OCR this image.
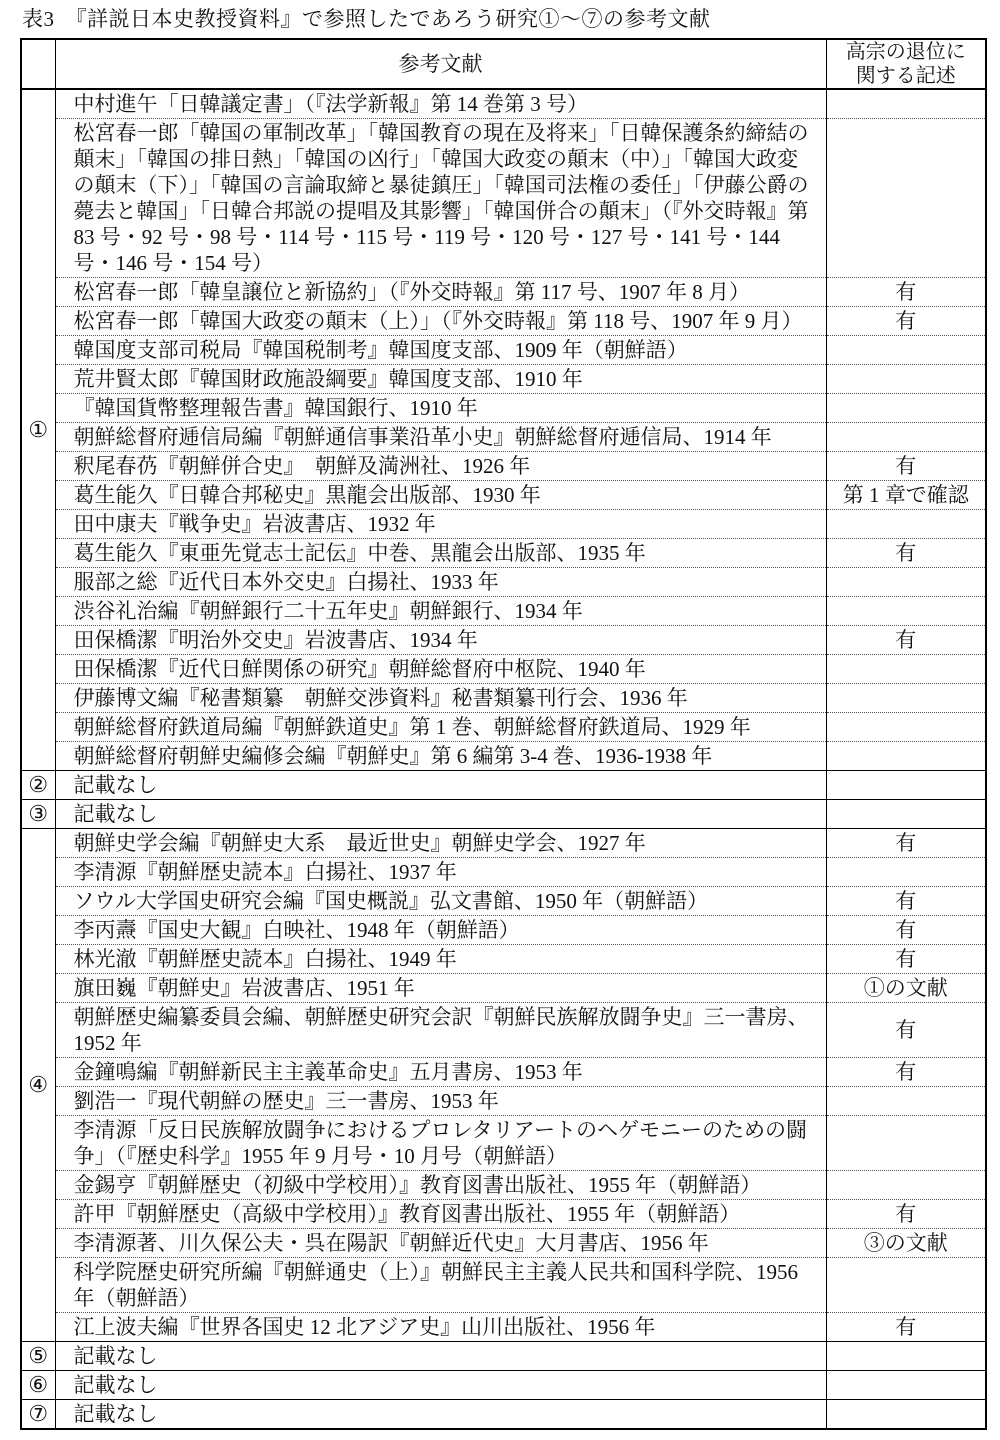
表3　『詳説日本史教授資料』で参照したであろう研究①～⑦の参考文献
	参考文献	高宗の退位に
関する記述

①	中村進午「日韓議定書」（『法学新報』第 14 巻第 3 号）	
	松宮春一郎「韓国の軍制改革」「韓国教育の現在及将来」「日韓保護条約締結の顛末」「韓国の排日熱」「韓国の凶行」「韓国大政変の顛末（中）」「韓国大政変の顛末（下）」「韓国の言論取締と暴徒鎮圧」「韓国司法権の委任」「伊藤公爵の薨去と韓国」「日韓合邦説の提唱及其影響」「韓国併合の顛末」（『外交時報』第 83 号・92 号・98 号・114 号・115 号・119 号・120 号・127 号・141 号・144 号・146 号・154 号）	
	松宮春一郎「韓皇譲位と新協約」（『外交時報』第 117 号、1907 年 8 月）	有
	松宮春一郎「韓国大政変の顛末（上）」（『外交時報』第 118 号、1907 年 9 月）	有
	韓国度支部司税局『韓国税制考』韓国度支部、1909 年（朝鮮語）	
	荒井賢太郎『韓国財政施設綱要』韓国度支部、1910 年	
	『韓国貨幣整理報告書』韓国銀行、1910 年	
	朝鮮総督府逓信局編『朝鮮通信事業沿革小史』朝鮮総督府逓信局、1914 年	
	釈尾春芿『朝鮮併合史』　朝鮮及満洲社、1926 年	有
	葛生能久『日韓合邦秘史』黒龍会出版部、1930 年	第 1 章で確認
	田中康夫『戦争史』岩波書店、1932 年	
	葛生能久『東亜先覚志士記伝』中巻、黒龍会出版部、1935 年	有
	服部之総『近代日本外交史』白揚社、1933 年	
	渋谷礼治編『朝鮮銀行二十五年史』朝鮮銀行、1934 年	
	田保橋潔『明治外交史』岩波書店、1934 年	有
	田保橋潔『近代日鮮関係の研究』朝鮮総督府中枢院、1940 年	
	伊藤博文編『秘書類纂　朝鮮交渉資料』秘書類纂刊行会、1936 年	
	朝鮮総督府鉄道局編『朝鮮鉄道史』第 1 巻、朝鮮総督府鉄道局、1929 年	
	朝鮮総督府朝鮮史編修会編『朝鮮史』第 6 編第 3-4 巻、1936-1938 年	
②	記載なし	
③	記載なし	
④	朝鮮史学会編『朝鮮史大系　最近世史』朝鮮史学会、1927 年	有
	李清源『朝鮮歴史読本』白揚社、1937 年	
	ソウル大学国史研究会編『国史概説』弘文書館、1950 年（朝鮮語）	有
	李丙燾『国史大観』白映社、1948 年（朝鮮語）	有
	林光澈『朝鮮歴史読本』白揚社、1949 年	有
	旗田巍『朝鮮史』岩波書店、1951 年	①の文献
	朝鮮歴史編纂委員会編、朝鮮歴史研究会訳『朝鮮民族解放闘争史』三一書房、1952 年	有
	金鐘鳴編『朝鮮新民主主義革命史』五月書房、1953 年	有
	劉浩一『現代朝鮮の歴史』三一書房、1953 年	
	李清源「反日民族解放闘争におけるプロレタリアートのヘゲモニーのための闘争」（『歴史科学』1955 年 9 月号・10 月号（朝鮮語）	
	金錫亨『朝鮮歴史（初級中学校用）』教育図書出版社、1955 年（朝鮮語）	
	許甲『朝鮮歴史（高級中学校用）』教育図書出版社、1955 年（朝鮮語）	有
	李清源著、川久保公夫・呉在陽訳『朝鮮近代史』大月書店、1956 年	③の文献
	科学院歴史研究所編『朝鮮通史（上）』朝鮮民主主義人民共和国科学院、1956 年（朝鮮語）	
	江上波夫編『世界各国史 12 北アジア史』山川出版社、1956 年	有
⑤	記載なし	
⑥	記載なし	
⑦	記載なし	
